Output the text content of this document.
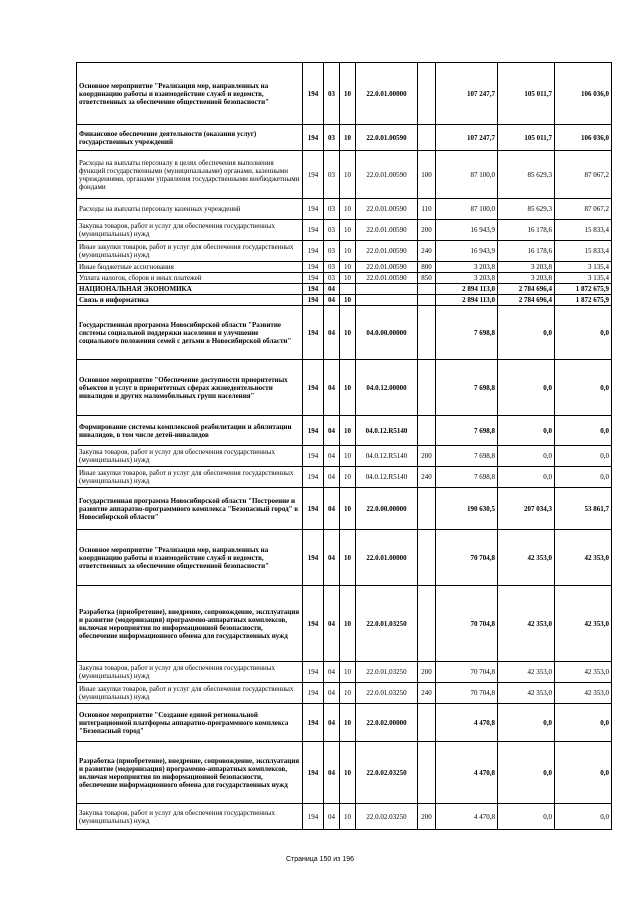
Основное мероприятие "Реализация мер, направленных на координацию работы и взаимодействие служб и ведомств, ответственных за обеспечение общественной безопасности"	194	03	10	22.0.01.00000		107 247,7	105 011,7	106 036,0
Финансовое обеспечение деятельности (оказания услуг) государственных учреждений	194	03	10	22.0.01.00590		107 247,7	105 011,7	106 036,0
Расходы на выплаты персоналу в целях обеспечения выполнения функций государственными (муниципальными) органами, казенными учреждениями, органами управления государственными внебюджетными фондами	194	03	10	22.0.01.00590	100	87 100,0	85 629,3	87 067,2
Расходы на выплаты персоналу казенных учреждений	194	03	10	22.0.01.00590	110	87 100,0	85 629,3	87 067,2
Закупка товаров, работ и услуг для обеспечения государственных (муниципальных) нужд	194	03	10	22.0.01.00590	200	16 943,9	16 178,6	15 833,4
Иные закупки товаров, работ и услуг для обеспечения государственных (муниципальных) нужд	194	03	10	22.0.01.00590	240	16 943,9	16 178,6	15 833,4
Иные бюджетные ассигнования	194	03	10	22.0.01.00590	800	3 203,8	3 203,8	3 135,4
Уплата налогов, сборов и иных платежей	194	03	10	22.0.01.00590	850	3 203,8	3 203,8	3 135,4
НАЦИОНАЛЬНАЯ ЭКОНОМИКА	194	04				2 894 113,0	2 784 696,4	1 872 675,9
Связь и информатика	194	04	10			2 894 113,0	2 784 696,4	1 872 675,9
Государственная программа Новосибирской области "Развитие системы социальной поддержки населения и улучшение социального положения семей с детьми в Новосибирской области"	194	04	10	04.0.00.00000		7 698,8	0,0	0,0
Основное мероприятие "Обеспечение доступности приоритетных объектов и услуг в приоритетных сферах жизнедеятельности инвалидов и других маломобильных групп населения"	194	04	10	04.0.12.00000		7 698,8	0,0	0,0
Формирование системы комплексной реабилитации и абилитации инвалидов, в том числе детей-инвалидов	194	04	10	04.0.12.R5140		7 698,8	0,0	0,0
Закупка товаров, работ и услуг для обеспечения государственных (муниципальных) нужд	194	04	10	04.0.12.R5140	200	7 698,8	0,0	0,0
Иные закупки товаров, работ и услуг для обеспечения государственных (муниципальных) нужд	194	04	10	04.0.12.R5140	240	7 698,8	0,0	0,0
Государственная программа Новосибирской области "Построение и развитие аппаратно-программного комплекса "Безопасный город" в Новосибирской области"	194	04	10	22.0.00.00000		190 630,5	207 034,3	53 861,7
Основное мероприятие "Реализация мер, направленных на координацию работы и взаимодействие служб и ведомств, ответственных за обеспечение общественной безопасности"	194	04	10	22.0.01.00000		70 704,8	42 353,0	42 353,0
Разработка (приобретение), внедрение, сопровождение, эксплуатация и развитие (модернизация) программно-аппаратных комплексов, включая мероприятия по информационной безопасности, обеспечение информационного обмена для государственных нужд	194	04	10	22.0.01.03250		70 704,8	42 353,0	42 353,0
Закупка товаров, работ и услуг для обеспечения государственных (муниципальных) нужд	194	04	10	22.0.01.03250	200	70 704,8	42 353,0	42 353,0
Иные закупки товаров, работ и услуг для обеспечения государственных (муниципальных) нужд	194	04	10	22.0.01.03250	240	70 704,8	42 353,0	42 353,0
Основное мероприятие "Создание единой региональной интеграционной платформы аппаратно-программного комплекса "Безопасный город"	194	04	10	22.0.02.00000		4 470,8	0,0	0,0
Разработка (приобретение), внедрение, сопровождение, эксплуатация и развитие (модернизация) программно-аппаратных комплексов, включая мероприятия по информационной безопасности, обеспечение информационного обмена для государственных нужд	194	04	10	22.0.02.03250		4 470,8	0,0	0,0
Закупка товаров, работ и услуг для обеспечения государственных (муниципальных) нужд	194	04	10	22.0.02.03250	200	4 470,8	0,0	0,0
Страница 150 из 196
